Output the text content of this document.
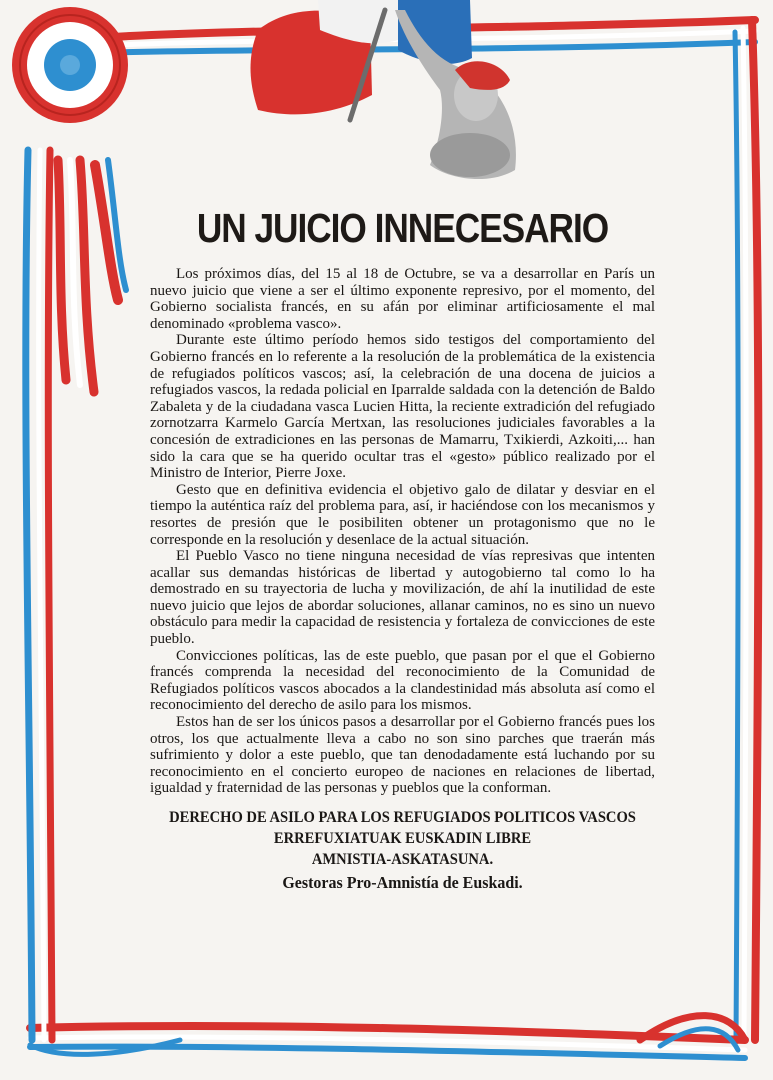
UN JUICIO INNECESARIO

Los próximos días, del 15 al 18 de Octubre, se va a desarrollar en París un nuevo juicio que viene a ser el último exponente represivo, por el momento, del Gobierno socialista francés, en su afán por eliminar artificiosamente el mal denominado «problema vasco».

Durante este último período hemos sido testigos del comportamiento del Gobierno francés en lo referente a la resolución de la problemática de la existencia de refugiados políticos vascos; así, la celebración de una docena de juicios a refugiados vascos, la redada policial en Iparralde saldada con la detención de Baldo Zabaleta y de la ciudadana vasca Lucien Hitta, la reciente extradición del refugiado zornotzarra Karmelo García Mertxan, las resoluciones judiciales favorables a la concesión de extradiciones en las personas de Mamarru, Txikierdi, Azkoiti,... han sido la cara que se ha querido ocultar tras el «gesto» público realizado por el Ministro de Interior, Pierre Joxe.

Gesto que en definitiva evidencia el objetivo galo de dilatar y desviar en el tiempo la auténtica raíz del problema para, así, ir haciéndose con los mecanismos y resortes de presión que le posibiliten obtener un protagonismo que no le corresponde en la resolución y desenlace de la actual situación.

El Pueblo Vasco no tiene ninguna necesidad de vías represivas que intenten acallar sus demandas históricas de libertad y autogobierno tal como lo ha demostrado en su trayectoria de lucha y movilización, de ahí la inutilidad de este nuevo juicio que lejos de abordar soluciones, allanar caminos, no es sino un nuevo obstáculo para medir la capacidad de resistencia y fortaleza de convicciones de este pueblo.

Convicciones políticas, las de este pueblo, que pasan por el que el Gobierno francés comprenda la necesidad del reconocimiento de la Comunidad de Refugiados políticos vascos abocados a la clandestinidad más absoluta así como el reconocimiento del derecho de asilo para los mismos.

Estos han de ser los únicos pasos a desarrollar por el Gobierno francés pues los otros, los que actualmente lleva a cabo no son sino parches que traerán más sufrimiento y dolor a este pueblo, que tan denodadamente está luchando por su reconocimiento en el concierto europeo de naciones en relaciones de libertad, igualdad y fraternidad de las personas y pueblos que la conforman.

DERECHO DE ASILO PARA LOS REFUGIADOS POLITICOS VASCOS
ERREFUXIATUAK EUSKADIN LIBRE
AMNISTIA-ASKATASUNA.
Gestoras Pro-Amnistía de Euskadi.
